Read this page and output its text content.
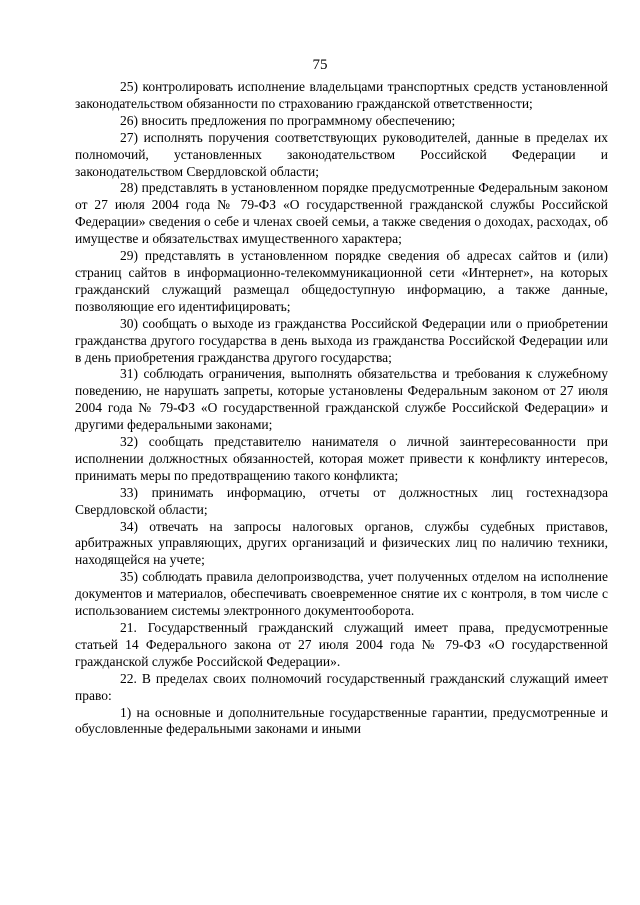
75

25) контролировать исполнение владельцами транспортных средств установленной законодательством обязанности по страхованию гражданской ответственности;

26) вносить предложения по программному обеспечению;

27) исполнять поручения соответствующих руководителей, данные в пределах их полномочий, установленных законодательством Российской Федерации и законодательством Свердловской области;

28) представлять в установленном порядке предусмотренные Федеральным законом от 27 июля 2004 года № 79-ФЗ «О государственной гражданской службы Российской Федерации» сведения о себе и членах своей семьи, а также сведения о доходах, расходах, об имуществе и обязательствах имущественного характера;

29) представлять в установленном порядке сведения об адресах сайтов и (или) страниц сайтов в информационно-телекоммуникационной сети «Интернет», на которых гражданский служащий размещал общедоступную информацию, а также данные, позволяющие его идентифицировать;

30) сообщать о выходе из гражданства Российской Федерации или о приобретении гражданства другого государства в день выхода из гражданства Российской Федерации или в день приобретения гражданства другого государства;

31) соблюдать ограничения, выполнять обязательства и требования к служебному поведению, не нарушать запреты, которые установлены Федеральным законом от 27 июля 2004 года № 79-ФЗ «О государственной гражданской службе Российской Федерации» и другими федеральными законами;

32) сообщать представителю нанимателя о личной заинтересованности при исполнении должностных обязанностей, которая может привести к конфликту интересов, принимать меры по предотвращению такого конфликта;

33) принимать информацию, отчеты от должностных лиц гостехнадзора Свердловской области;

34) отвечать на запросы налоговых органов, службы судебных приставов, арбитражных управляющих, других организаций и физических лиц по наличию техники, находящейся на учете;

35) соблюдать правила делопроизводства, учет полученных отделом на исполнение документов и материалов, обеспечивать своевременное снятие их с контроля, в том числе с использованием системы электронного документооборота.

21. Государственный гражданский служащий имеет права, предусмотренные статьей 14 Федерального закона от 27 июля 2004 года № 79-ФЗ «О государственной гражданской службе Российской Федерации».

22. В пределах своих полномочий государственный гражданский служащий имеет право:

1) на основные и дополнительные государственные гарантии, предусмотренные и обусловленные федеральными законами и иными
